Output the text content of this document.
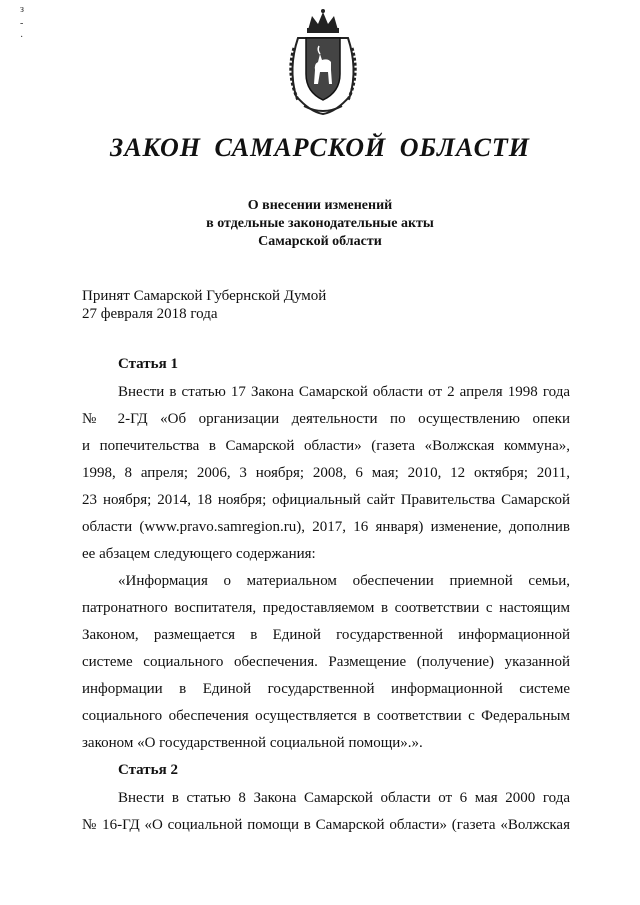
з
-
·
ЗАКОН САМАРСКОЙ ОБЛАСТИ
О внесении изменений
в отдельные законодательные акты
Самарской области
Принят Самарской Губернской Думой
27 февраля 2018 года
Статья 1
Внести в статью 17 Закона Самарской области от 2 апреля 1998 года
№ 2-ГД «Об организации деятельности по осуществлению опеки
и попечительства в Самарской области» (газета «Волжская коммуна»,
1998, 8 апреля; 2006, 3 ноября; 2008, 6 мая; 2010, 12 октября; 2011,
23 ноября; 2014, 18 ноября; официальный сайт Правительства Самарской
области (www.pravo.samregion.ru), 2017, 16 января) изменение, дополнив
ее абзацем следующего содержания:
«Информация о материальном обеспечении приемной семьи,
патронатного воспитателя, предоставляемом в соответствии с настоящим
Законом, размещается в Единой государственной информационной
системе социального обеспечения. Размещение (получение) указанной
информации в Единой государственной информационной системе
социального обеспечения осуществляется в соответствии с Федеральным
законом «О государственной социальной помощи».».
Статья 2
Внести в статью 8 Закона Самарской области от 6 мая 2000 года
№ 16-ГД «О социальной помощи в Самарской области» (газета «Волжская
